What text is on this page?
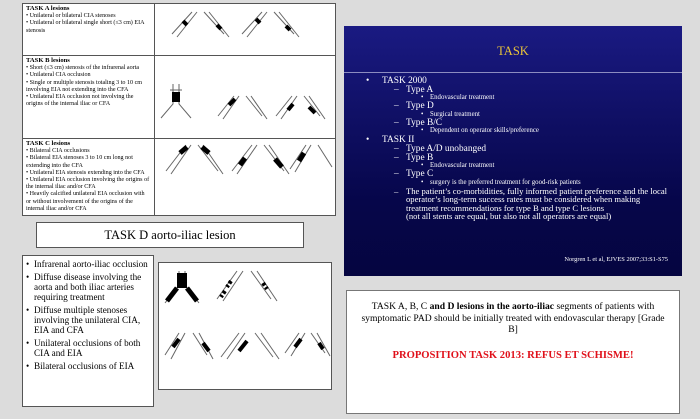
TASK A lesions
• Unilateral or bilateral CIA stenoses
• Unilateral or bilateral single short (≤3 cm) EIA stenosis
TASK B lesions
• Short (≤3 cm) stenosis of the infrarenal aorta
• Unilateral CIA occlusion
• Single or multiple stenosis totaling 3 to 10 cm involving EIA not extending into the CFA
• Unilateral EIA occlusion not involving the origins of the internal iliac or CFA
TASK C lesions
• Bilateral CIA occlusions
• Bilateral EIA stenoses 3 to 10 cm long not extending into the CFA
• Unilateral EIA stenosis extending into the CFA
• Unilateral EIA occlusion involving the origins of the internal iliac and/or CFA
• Heavily calcified unilateral EIA occlusion with or without involvement of the origins of the internal iliac and/or CFA
TASK D aorto-iliac lesion
• Infrarenal aorto-iliac occlusion
• Diffuse disease involving the aorta and both iliac arteries requiring treatment
• Diffuse multiple stenoses involving the unilateral CIA, EIA and CFA
• Unilateral occlusions of both CIA and EIA
• Bilateral occlusions of EIA
TASK
•	TASK 2000
– Type A
• Endovascular treatment
– Type D
• Surgical treatment
– Type B/C
• Dependent on operator skills/preference
•	TASK II
– Type A/D unobanged
– Type B
• Endovascular treatment
– Type C
• surgery is the preferred treatment for good-risk patients
– The patient’s co-morbidities, fully informed patient preference and the local operator’s long-term success rates must be considered when making treatment recommendations for type B and type C lesions
(not all stents are equal, but also not all operators are equal)
Norgren L et al, EJVES 2007;33:S1-S75
TASK A, B, C and D lesions in the aorto-iliac segments of patients with symptomatic PAD should be initially treated with endovascular therapy [Grade B]
PROPOSITION TASK 2013: REFUS ET SCHISME!
